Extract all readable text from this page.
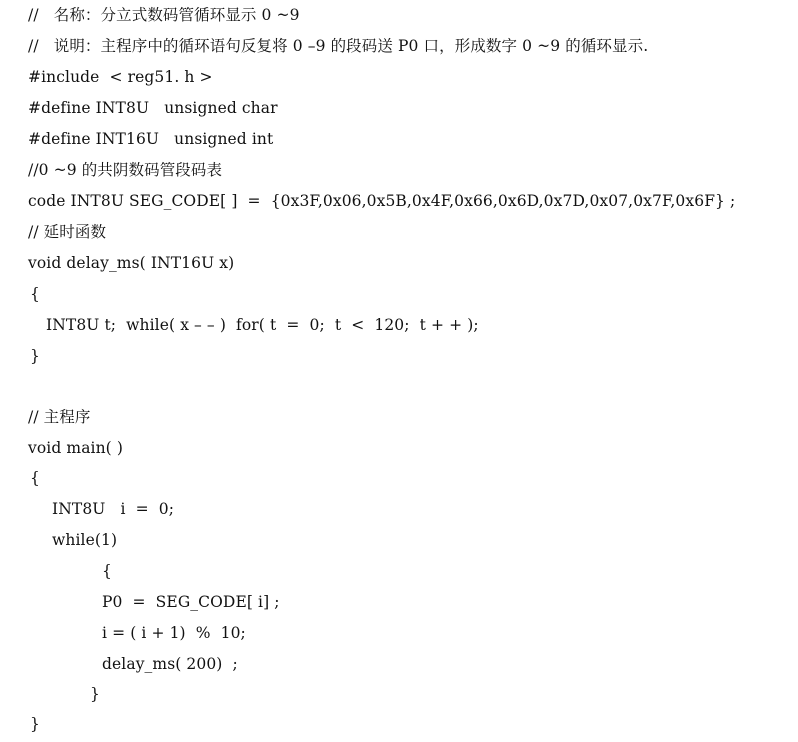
//   名称：分立式数码管循环显示 0 ~9
//   说明：主程序中的循环语句反复将 0 –9 的段码送 P0 口，形成数字 0 ~9 的循环显示.
#include  < reg51. h >
#define INT8U   unsigned char
#define INT16U   unsigned int
//0 ~9 的共阴数码管段码表
code INT8U SEG_CODE[ ]  =  {0x3F,0x06,0x5B,0x4F,0x66,0x6D,0x7D,0x07,0x7F,0x6F} ;
// 延时函数
void delay_ms( INT16U x)
{
INT8U t;  while( x – – )  for( t  =  0;  t  <  120;  t + + );
}
// 主程序
void main( )
{
INT8U   i  =  0;
while(1)
{
P0  =  SEG_CODE[ i] ;
i = ( i + 1)  %  10;
delay_ms( 200)  ;
}
}
